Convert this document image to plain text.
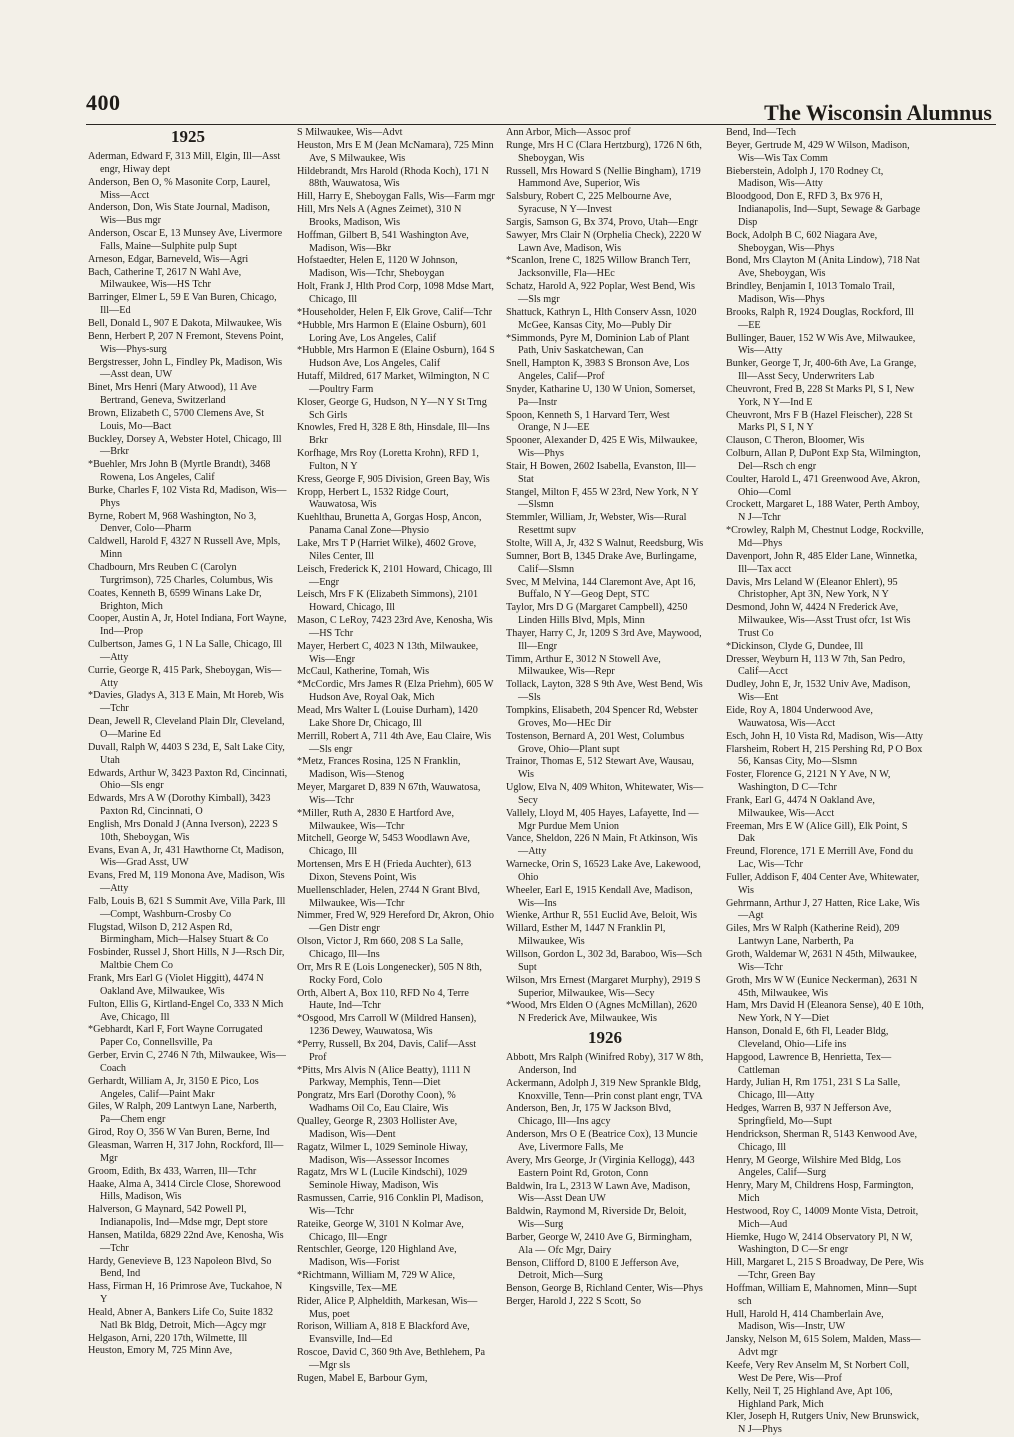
400	The Wisconsin Alumnus
1925

Aderman, Edward F, 313 Mill, Elgin, Ill—Asst engr, Hiway dept

Anderson, Ben O, % Masonite Corp, Laurel, Miss—Acct

Anderson, Don, Wis State Journal, Madison, Wis—Bus mgr

Anderson, Oscar E, 13 Munsey Ave, Livermore Falls, Maine—Sulphite pulp Supt

Arneson, Edgar, Barneveld, Wis—Agri

Bach, Catherine T, 2617 N Wahl Ave, Milwaukee, Wis—HS Tchr

Barringer, Elmer L, 59 E Van Buren, Chicago, Ill—Ed

Bell, Donald L, 907 E Dakota, Milwaukee, Wis

Benn, Herbert P, 207 N Fremont, Stevens Point, Wis—Phys-surg

Bergstresser, John L, Findley Pk, Madison, Wis—Asst dean, UW

Binet, Mrs Henri (Mary Atwood), 11 Ave Bertrand, Geneva, Switzerland

Brown, Elizabeth C, 5700 Clemens Ave, St Louis, Mo—Bact

Buckley, Dorsey A, Webster Hotel, Chicago, Ill—Brkr

*Buehler, Mrs John B (Myrtle Brandt), 3468 Rowena, Los Angeles, Calif

Burke, Charles F, 102 Vista Rd, Madison, Wis—Phys

Byrne, Robert M, 968 Washington, No 3, Denver, Colo—Pharm

Caldwell, Harold F, 4327 N Russell Ave, Mpls, Minn

Chadbourn, Mrs Reuben C (Carolyn Turgrimson), 725 Charles, Columbus, Wis

Coates, Kenneth B, 6599 Winans Lake Dr, Brighton, Mich

Cooper, Austin A, Jr, Hotel Indiana, Fort Wayne, Ind—Prop

Culbertson, James G, 1 N La Salle, Chicago, Ill—Atty

Currie, George R, 415 Park, Sheboygan, Wis—Atty

*Davies, Gladys A, 313 E Main, Mt Horeb, Wis—Tchr

Dean, Jewell R, Cleveland Plain Dlr, Cleveland, O—Marine Ed

Duvall, Ralph W, 4403 S 23d, E, Salt Lake City, Utah

Edwards, Arthur W, 3423 Paxton Rd, Cincinnati, Ohio—Sls engr

Edwards, Mrs A W (Dorothy Kimball), 3423 Paxton Rd, Cincinnati, O

English, Mrs Donald J (Anna Iverson), 2223 S 10th, Sheboygan, Wis

Evans, Evan A, Jr, 431 Hawthorne Ct, Madison, Wis—Grad Asst, UW

Evans, Fred M, 119 Monona Ave, Madison, Wis—Atty

Falb, Louis B, 621 S Summit Ave, Villa Park, Ill—Compt, Washburn-Crosby Co

Flugstad, Wilson D, 212 Aspen Rd, Birmingham, Mich—Halsey Stuart & Co

Fosbinder, Russel J, Short Hills, N J—Rsch Dir, Maltbie Chem Co

Frank, Mrs Earl G (Violet Higgitt), 4474 N Oakland Ave, Milwaukee, Wis

Fulton, Ellis G, Kirtland-Engel Co, 333 N Mich Ave, Chicago, Ill

*Gebhardt, Karl F, Fort Wayne Corrugated Paper Co, Connellsville, Pa

Gerber, Ervin C, 2746 N 7th, Milwaukee, Wis—Coach

Gerhardt, William A, Jr, 3150 E Pico, Los Angeles, Calif—Paint Makr

Giles, W Ralph, 209 Lantwyn Lane, Narberth, Pa—Chem engr

Girod, Roy O, 356 W Van Buren, Berne, Ind

Gleasman, Warren H, 317 John, Rockford, Ill—Mgr

Groom, Edith, Bx 433, Warren, Ill—Tchr

Haake, Alma A, 3414 Circle Close, Shorewood Hills, Madison, Wis

Halverson, G Maynard, 542 Powell Pl, Indianapolis, Ind—Mdse mgr, Dept store

Hansen, Matilda, 6829 22nd Ave, Kenosha, Wis—Tchr

Hardy, Genevieve B, 123 Napoleon Blvd, So Bend, Ind

Hass, Firman H, 16 Primrose Ave, Tuckahoe, N Y

Heald, Abner A, Bankers Life Co, Suite 1832 Natl Bk Bldg, Detroit, Mich—Agcy mgr

Helgason, Arni, 220 17th, Wilmette, Ill

Heuston, Emory M, 725 Minn Ave,

S Milwaukee, Wis—Advt

Heuston, Mrs E M (Jean McNamara), 725 Minn Ave, S Milwaukee, Wis

Hildebrandt, Mrs Harold (Rhoda Koch), 171 N 88th, Wauwatosa, Wis

Hill, Harry E, Sheboygan Falls, Wis—Farm mgr

Hill, Mrs Nels A (Agnes Zeimet), 310 N Brooks, Madison, Wis

Hoffman, Gilbert B, 541 Washington Ave, Madison, Wis—Bkr

Hofstaedter, Helen E, 1120 W Johnson, Madison, Wis—Tchr, Sheboygan

Holt, Frank J, Hlth Prod Corp, 1098 Mdse Mart, Chicago, Ill

*Householder, Helen F, Elk Grove, Calif—Tchr

*Hubble, Mrs Harmon E (Elaine Osburn), 601 Loring Ave, Los Angeles, Calif

*Hubble, Mrs Harmon E (Elaine Osburn), 164 S Hudson Ave, Los Angeles, Calif

Hutaff, Mildred, 617 Market, Wilmington, N C—Poultry Farm

Kloser, George G, Hudson, N Y—N Y St Trng Sch Girls

Knowles, Fred H, 328 E 8th, Hinsdale, Ill—Ins Brkr

Korfhage, Mrs Roy (Loretta Krohn), RFD 1, Fulton, N Y

Kress, George F, 905 Division, Green Bay, Wis

Kropp, Herbert L, 1532 Ridge Court, Wauwatosa, Wis

Kuehlthau, Brunetta A, Gorgas Hosp, Ancon, Panama Canal Zone—Physio

Lake, Mrs T P (Harriet Wilke), 4602 Grove, Niles Center, Ill

Leisch, Frederick K, 2101 Howard, Chicago, Ill—Engr

Leisch, Mrs F K (Elizabeth Simmons), 2101 Howard, Chicago, Ill

Mason, C LeRoy, 7423 23rd Ave, Kenosha, Wis—HS Tchr

Mayer, Herbert C, 4023 N 13th, Milwaukee, Wis—Engr

McCaul, Katherine, Tomah, Wis

*McCordic, Mrs James R (Elza Priehm), 605 W Hudson Ave, Royal Oak, Mich

Mead, Mrs Walter L (Louise Durham), 1420 Lake Shore Dr, Chicago, Ill

Merrill, Robert A, 711 4th Ave, Eau Claire, Wis—Sls engr

*Metz, Frances Rosina, 125 N Franklin, Madison, Wis—Stenog

Meyer, Margaret D, 839 N 67th, Wauwatosa, Wis—Tchr

*Miller, Ruth A, 2830 E Hartford Ave, Milwaukee, Wis—Tchr

Mitchell, George W, 5453 Woodlawn Ave, Chicago, Ill

Mortensen, Mrs E H (Frieda Auchter), 613 Dixon, Stevens Point, Wis

Muellenschlader, Helen, 2744 N Grant Blvd, Milwaukee, Wis—Tchr

Nimmer, Fred W, 929 Hereford Dr, Akron, Ohio—Gen Distr engr

Olson, Victor J, Rm 660, 208 S La Salle, Chicago, Ill—Ins

Orr, Mrs R E (Lois Longenecker), 505 N 8th, Rocky Ford, Colo

Orth, Albert A, Box 110, RFD No 4, Terre Haute, Ind—Tchr

*Osgood, Mrs Carroll W (Mildred Hansen), 1236 Dewey, Wauwatosa, Wis

*Perry, Russell, Bx 204, Davis, Calif—Asst Prof

*Pitts, Mrs Alvis N (Alice Beatty), 1111 N Parkway, Memphis, Tenn—Diet

Pongratz, Mrs Earl (Dorothy Coon), % Wadhams Oil Co, Eau Claire, Wis

Qualley, George R, 2303 Hollister Ave, Madison, Wis—Dent

Ragatz, Wilmer L, 1029 Seminole Hiway, Madison, Wis—Assessor Incomes

Ragatz, Mrs W L (Lucile Kindschi), 1029 Seminole Hiway, Madison, Wis

Rasmussen, Carrie, 916 Conklin Pl, Madison, Wis—Tchr

Rateike, George W, 3101 N Kolmar Ave, Chicago, Ill—Engr

Rentschler, George, 120 Highland Ave, Madison, Wis—Forist

*Richtmann, William M, 729 W Alice, Kingsville, Tex—ME

Rider, Alice P, Alpheldith, Markesan, Wis—Mus, poet

Rorison, William A, 818 E Blackford Ave, Evansville, Ind—Ed

Roscoe, David C, 360 9th Ave, Bethlehem, Pa—Mgr sls

Rugen, Mabel E, Barbour Gym,

Ann Arbor, Mich—Assoc prof

Runge, Mrs H C (Clara Hertzburg), 1726 N 6th, Sheboygan, Wis

Russell, Mrs Howard S (Nellie Bingham), 1719 Hammond Ave, Superior, Wis

Salsbury, Robert C, 225 Melbourne Ave, Syracuse, N Y—Invest

Sargis, Samson G, Bx 374, Provo, Utah—Engr

Sawyer, Mrs Clair N (Orphelia Check), 2220 W Lawn Ave, Madison, Wis

*Scanlon, Irene C, 1825 Willow Branch Terr, Jacksonville, Fla—HEc

Schatz, Harold A, 922 Poplar, West Bend, Wis—Sls mgr

Shattuck, Kathryn L, Hlth Conserv Assn, 1020 McGee, Kansas City, Mo—Publy Dir

*Simmonds, Pyre M, Dominion Lab of Plant Path, Univ Saskatchewan, Can

Snell, Hampton K, 3983 S Bronson Ave, Los Angeles, Calif—Prof

Snyder, Katharine U, 130 W Union, Somerset, Pa—Instr

Spoon, Kenneth S, 1 Harvard Terr, West Orange, N J—EE

Spooner, Alexander D, 425 E Wis, Milwaukee, Wis—Phys

Stair, H Bowen, 2602 Isabella, Evanston, Ill—Stat

Stangel, Milton F, 455 W 23rd, New York, N Y—Slsmn

Stemmler, William, Jr, Webster, Wis—Rural Resettmt supv

Stolte, Will A, Jr, 432 S Walnut, Reedsburg, Wis

Sumner, Bort B, 1345 Drake Ave, Burlingame, Calif—Slsmn

Svec, M Melvina, 144 Claremont Ave, Apt 16, Buffalo, N Y—Geog Dept, STC

Taylor, Mrs D G (Margaret Campbell), 4250 Linden Hills Blvd, Mpls, Minn

Thayer, Harry C, Jr, 1209 S 3rd Ave, Maywood, Ill—Engr

Timm, Arthur E, 3012 N Stowell Ave, Milwaukee, Wis—Repr

Tollack, Layton, 328 S 9th Ave, West Bend, Wis—Sls

Tompkins, Elisabeth, 204 Spencer Rd, Webster Groves, Mo—HEc Dir

Tostenson, Bernard A, 201 West, Columbus Grove, Ohio—Plant supt

Trainor, Thomas E, 512 Stewart Ave, Wausau, Wis

Uglow, Elva N, 409 Whiton, Whitewater, Wis—Secy

Vallely, Lloyd M, 405 Hayes, Lafayette, Ind — Mgr Purdue Mem Union

Vance, Sheldon, 226 N Main, Ft Atkinson, Wis—Atty

Warnecke, Orin S, 16523 Lake Ave, Lakewood, Ohio

Wheeler, Earl E, 1915 Kendall Ave, Madison, Wis—Ins

Wienke, Arthur R, 551 Euclid Ave, Beloit, Wis

Willard, Esther M, 1447 N Franklin Pl, Milwaukee, Wis

Willson, Gordon L, 302 3d, Baraboo, Wis—Sch Supt

Wilson, Mrs Ernest (Margaret Murphy), 2919 S Superior, Milwaukee, Wis—Secy

*Wood, Mrs Elden O (Agnes McMillan), 2620 N Frederick Ave, Milwaukee, Wis

1926

Abbott, Mrs Ralph (Winifred Roby), 317 W 8th, Anderson, Ind

Ackermann, Adolph J, 319 New Sprankle Bldg, Knoxville, Tenn—Prin const plant engr, TVA

Anderson, Ben, Jr, 175 W Jackson Blvd, Chicago, Ill—Ins agcy

Anderson, Mrs O E (Beatrice Cox), 13 Muncie Ave, Livermore Falls, Me

Avery, Mrs George, Jr (Virginia Kellogg), 443 Eastern Point Rd, Groton, Conn

Baldwin, Ira L, 2313 W Lawn Ave, Madison, Wis—Asst Dean UW

Baldwin, Raymond M, Riverside Dr, Beloit, Wis—Surg

Barber, George W, 2410 Ave G, Birmingham, Ala — Ofc Mgr, Dairy

Benson, Clifford D, 8100 E Jefferson Ave, Detroit, Mich—Surg

Benson, George B, Richland Center, Wis—Phys

Berger, Harold J, 222 S Scott, So

Bend, Ind—Tech

Beyer, Gertrude M, 429 W Wilson, Madison, Wis—Wis Tax Comm

Bieberstein, Adolph J, 170 Rodney Ct, Madison, Wis—Atty

Bloodgood, Don E, RFD 3, Bx 976 H, Indianapolis, Ind—Supt, Sewage & Garbage Disp

Bock, Adolph B C, 602 Niagara Ave, Sheboygan, Wis—Phys

Bond, Mrs Clayton M (Anita Lindow), 718 Nat Ave, Sheboygan, Wis

Brindley, Benjamin I, 1013 Tomalo Trail, Madison, Wis—Phys

Brooks, Ralph R, 1924 Douglas, Rockford, Ill—EE

Bullinger, Bauer, 152 W Wis Ave, Milwaukee, Wis—Atty

Bunker, George T, Jr, 400-6th Ave, La Grange, Ill—Asst Secy, Underwriters Lab

Cheuvront, Fred B, 228 St Marks Pl, S I, New York, N Y—Ind E

Cheuvront, Mrs F B (Hazel Fleischer), 228 St Marks Pl, S I, N Y

Clauson, C Theron, Bloomer, Wis

Colburn, Allan P, DuPont Exp Sta, Wilmington, Del—Rsch ch engr

Coulter, Harold L, 471 Greenwood Ave, Akron, Ohio—Coml

Crockett, Margaret L, 188 Water, Perth Amboy, N J—Tchr

*Crowley, Ralph M, Chestnut Lodge, Rockville, Md—Phys

Davenport, John R, 485 Elder Lane, Winnetka, Ill—Tax acct

Davis, Mrs Leland W (Eleanor Ehlert), 95 Christopher, Apt 3N, New York, N Y

Desmond, John W, 4424 N Frederick Ave, Milwaukee, Wis—Asst Trust ofcr, 1st Wis Trust Co

*Dickinson, Clyde G, Dundee, Ill

Dresser, Weyburn H, 113 W 7th, San Pedro, Calif—Acct

Dudley, John E, Jr, 1532 Univ Ave, Madison, Wis—Ent

Eide, Roy A, 1804 Underwood Ave, Wauwatosa, Wis—Acct

Esch, John H, 10 Vista Rd, Madison, Wis—Atty

Flarsheim, Robert H, 215 Pershing Rd, P O Box 56, Kansas City, Mo—Slsmn

Foster, Florence G, 2121 N Y Ave, N W, Washington, D C—Tchr

Frank, Earl G, 4474 N Oakland Ave, Milwaukee, Wis—Acct

Freeman, Mrs E W (Alice Gill), Elk Point, S Dak

Freund, Florence, 171 E Merrill Ave, Fond du Lac, Wis—Tchr

Fuller, Addison F, 404 Center Ave, Whitewater, Wis

Gehrmann, Arthur J, 27 Hatten, Rice Lake, Wis—Agt

Giles, Mrs W Ralph (Katherine Reid), 209 Lantwyn Lane, Narberth, Pa

Groth, Waldemar W, 2631 N 45th, Milwaukee, Wis—Tchr

Groth, Mrs W W (Eunice Neckerman), 2631 N 45th, Milwaukee, Wis

Ham, Mrs David H (Eleanora Sense), 40 E 10th, New York, N Y—Diet

Hanson, Donald E, 6th Fl, Leader Bldg, Cleveland, Ohio—Life ins

Hapgood, Lawrence B, Henrietta, Tex—Cattleman

Hardy, Julian H, Rm 1751, 231 S La Salle, Chicago, Ill—Atty

Hedges, Warren B, 937 N Jefferson Ave, Springfield, Mo—Supt

Hendrickson, Sherman R, 5143 Kenwood Ave, Chicago, Ill

Henry, M George, Wilshire Med Bldg, Los Angeles, Calif—Surg

Henry, Mary M, Childrens Hosp, Farmington, Mich

Hestwood, Roy C, 14009 Monte Vista, Detroit, Mich—Aud

Hiemke, Hugo W, 2414 Observatory Pl, N W, Washington, D C—Sr engr

Hill, Margaret L, 215 S Broadway, De Pere, Wis—Tchr, Green Bay

Hoffman, William E, Mahnomen, Minn—Supt sch

Hull, Harold H, 414 Chamberlain Ave, Madison, Wis—Instr, UW

Jansky, Nelson M, 615 Solem, Malden, Mass—Advt mgr

Keefe, Very Rev Anselm M, St Norbert Coll, West De Pere, Wis—Prof

Kelly, Neil T, 25 Highland Ave, Apt 106, Highland Park, Mich

Kler, Joseph H, Rutgers Univ, New Brunswick, N J—Phys
